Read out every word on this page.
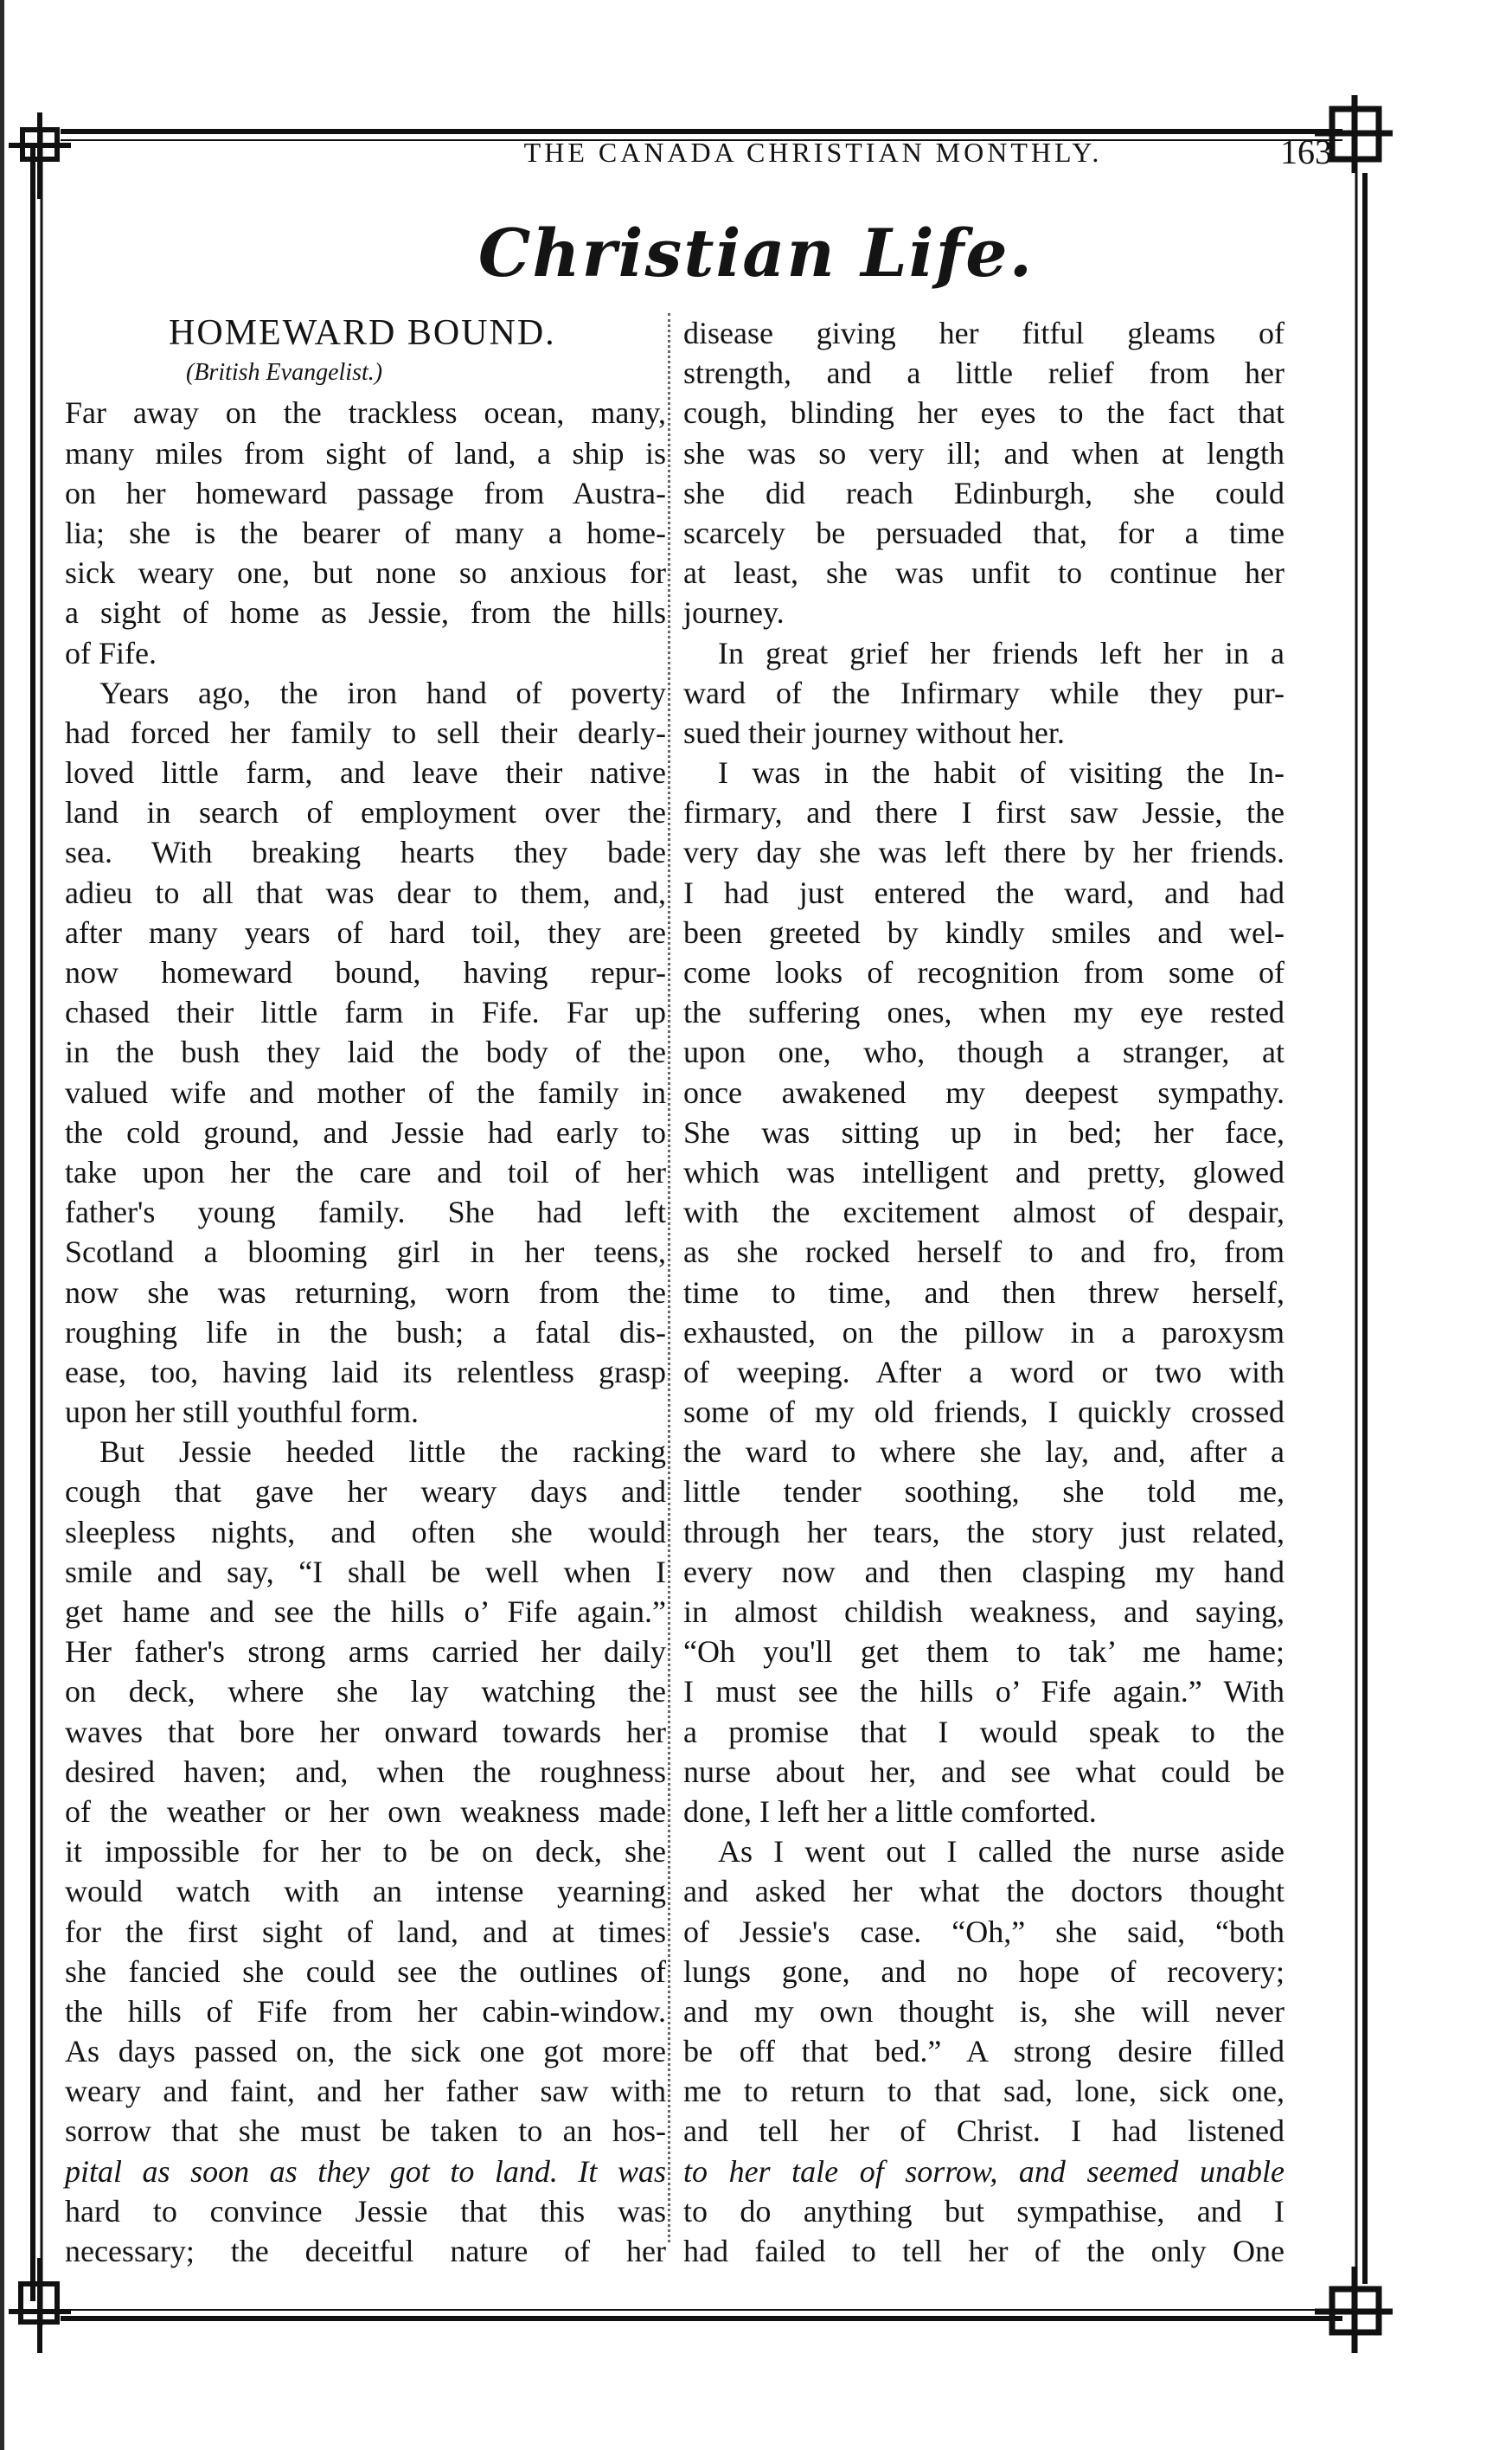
THE CANADA CHRISTIAN MONTHLY.	163
Christian Life.
HOMEWARD BOUND.
(British Evangelist.)
Far away on the trackless ocean, many,
many miles from sight of land, a ship is
on her homeward passage from Austra-
lia; she is the bearer of many a home-
sick weary one, but none so anxious for
a sight of home as Jessie, from the hills
of Fife.
Years ago, the iron hand of poverty
had forced her family to sell their dearly-
loved little farm, and leave their native
land in search of employment over the
sea. With breaking hearts they bade
adieu to all that was dear to them, and,
after many years of hard toil, they are
now homeward bound, having repur-
chased their little farm in Fife. Far up
in the bush they laid the body of the
valued wife and mother of the family in
the cold ground, and Jessie had early to
take upon her the care and toil of her
father's young family. She had left
Scotland a blooming girl in her teens,
now she was returning, worn from the
roughing life in the bush; a fatal dis-
ease, too, having laid its relentless grasp
upon her still youthful form.
But Jessie heeded little the racking
cough that gave her weary days and
sleepless nights, and often she would
smile and say, “I shall be well when I
get hame and see the hills o’ Fife again.”
Her father's strong arms carried her daily
on deck, where she lay watching the
waves that bore her onward towards her
desired haven; and, when the roughness
of the weather or her own weakness made
it impossible for her to be on deck, she
would watch with an intense yearning
for the first sight of land, and at times
she fancied she could see the outlines of
the hills of Fife from her cabin-window.
As days passed on, the sick one got more
weary and faint, and her father saw with
sorrow that she must be taken to an hos-
pital as soon as they got to land. It was
hard to convince Jessie that this was
necessary; the deceitful nature of her
disease giving her fitful gleams of
strength, and a little relief from her
cough, blinding her eyes to the fact that
she was so very ill; and when at length
she did reach Edinburgh, she could
scarcely be persuaded that, for a time
at least, she was unfit to continue her
journey.
In great grief her friends left her in a
ward of the Infirmary while they pur-
sued their journey without her.
I was in the habit of visiting the In-
firmary, and there I first saw Jessie, the
very day she was left there by her friends.
I had just entered the ward, and had
been greeted by kindly smiles and wel-
come looks of recognition from some of
the suffering ones, when my eye rested
upon one, who, though a stranger, at
once awakened my deepest sympathy.
She was sitting up in bed; her face,
which was intelligent and pretty, glowed
with the excitement almost of despair,
as she rocked herself to and fro, from
time to time, and then threw herself,
exhausted, on the pillow in a paroxysm
of weeping. After a word or two with
some of my old friends, I quickly crossed
the ward to where she lay, and, after a
little tender soothing, she told me,
through her tears, the story just related,
every now and then clasping my hand
in almost childish weakness, and saying,
“Oh you'll get them to tak’ me hame;
I must see the hills o’ Fife again.” With
a promise that I would speak to the
nurse about her, and see what could be
done, I left her a little comforted.
As I went out I called the nurse aside
and asked her what the doctors thought
of Jessie's case. “Oh,” she said, “both
lungs gone, and no hope of recovery;
and my own thought is, she will never
be off that bed.” A strong desire filled
me to return to that sad, lone, sick one,
and tell her of Christ. I had listened
to her tale of sorrow, and seemed unable
to do anything but sympathise, and I
had failed to tell her of the only One
